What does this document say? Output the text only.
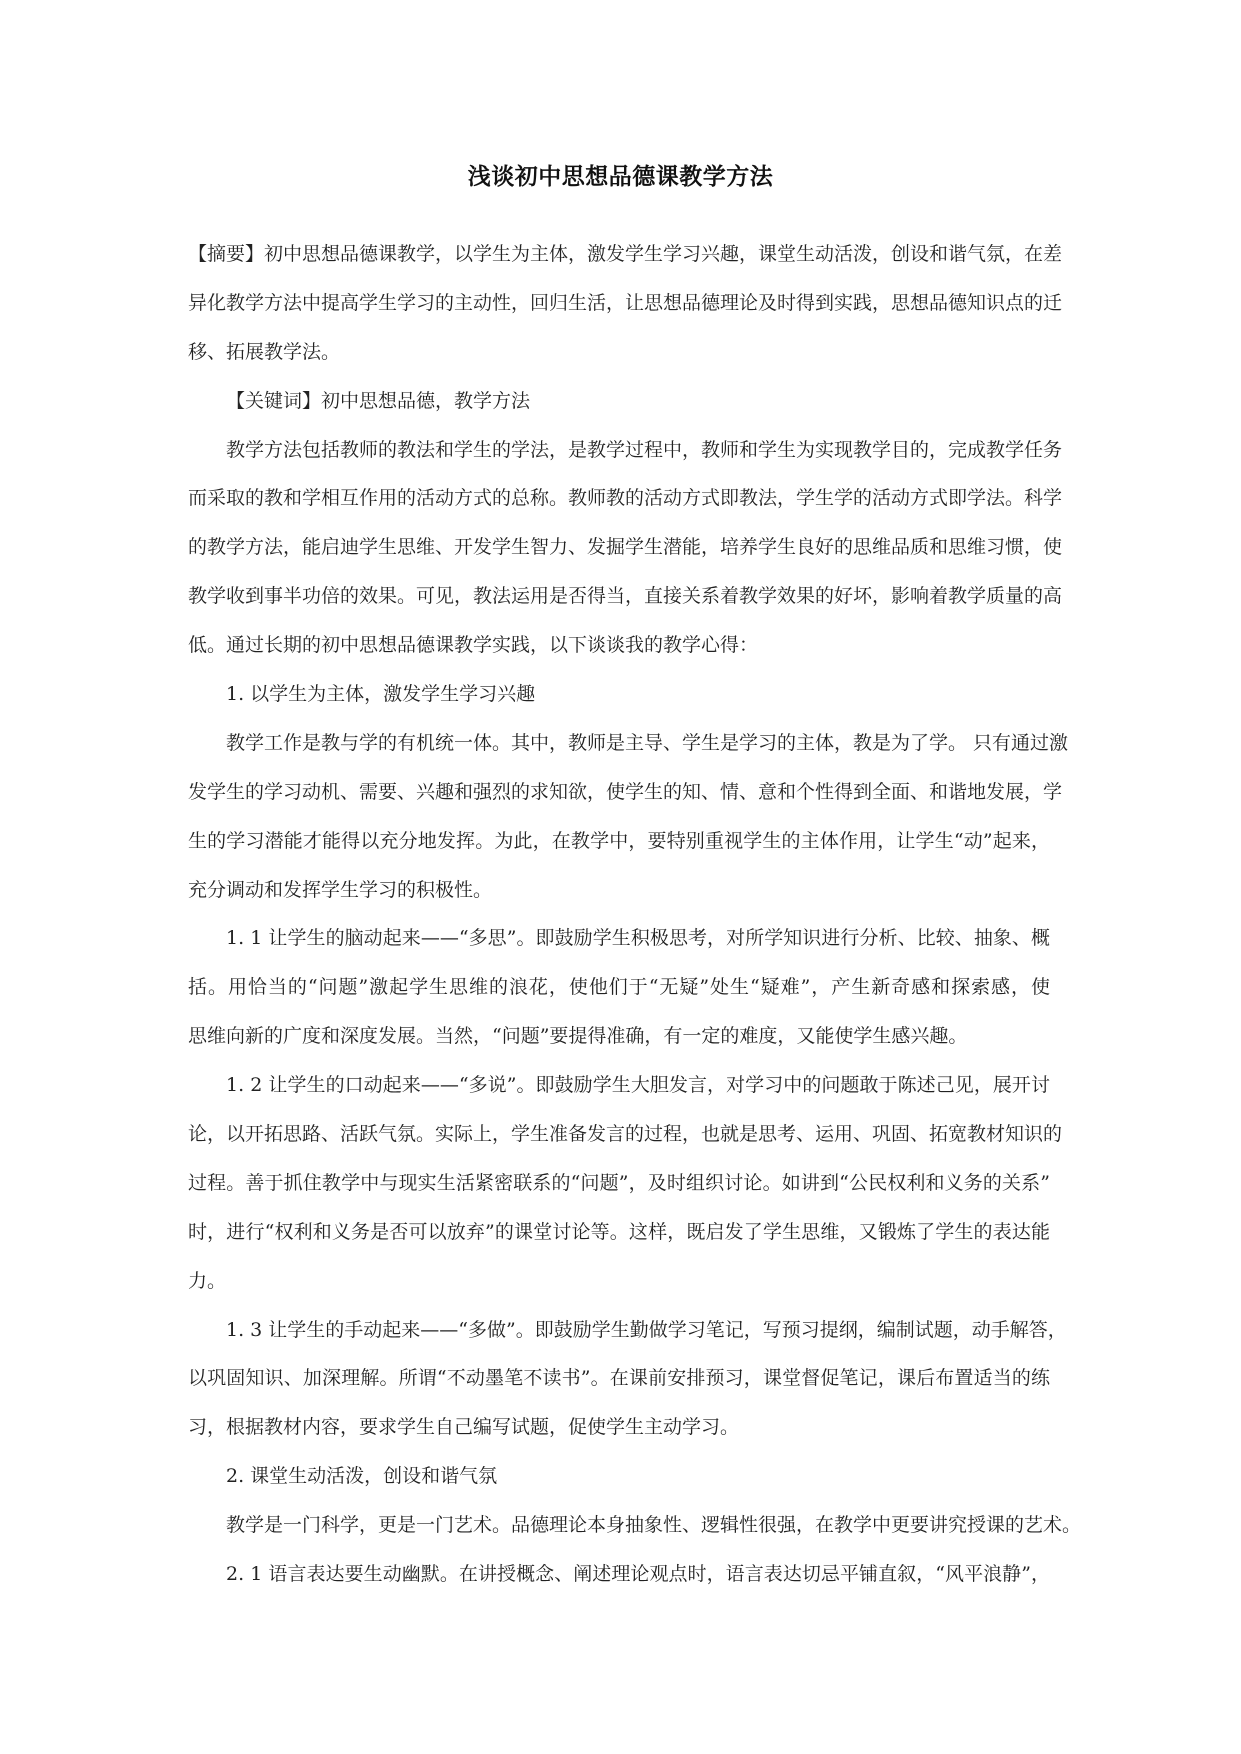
浅谈初中思想品德课教学方法
【摘要】初中思想品德课教学，以学生为主体，激发学生学习兴趣，课堂生动活泼，创设和谐气氛，在差
异化教学方法中提高学生学习的主动性，回归生活，让思想品德理论及时得到实践，思想品德知识点的迁
移、拓展教学法。
【关键词】初中思想品德，教学方法
教学方法包括教师的教法和学生的学法，是教学过程中，教师和学生为实现教学目的，完成教学任务
而采取的教和学相互作用的活动方式的总称。教师教的活动方式即教法，学生学的活动方式即学法。科学
的教学方法，能启迪学生思维、开发学生智力、发掘学生潜能，培养学生良好的思维品质和思维习惯，使
教学收到事半功倍的效果。可见，教法运用是否得当，直接关系着教学效果的好坏，影响着教学质量的高
低。通过长期的初中思想品德课教学实践，以下谈谈我的教学心得：
1. 以学生为主体，激发学生学习兴趣
教学工作是教与学的有机统一体。其中，教师是主导、学生是学习的主体，教是为了学。 只有通过激
发学生的学习动机、需要、兴趣和强烈的求知欲，使学生的知、情、意和个性得到全面、和谐地发展，学
生的学习潜能才能得以充分地发挥。为此，在教学中，要特别重视学生的主体作用，让学生“动”起来，
充分调动和发挥学生学习的积极性。
1. 1 让学生的脑动起来——“多思”。即鼓励学生积极思考，对所学知识进行分析、比较、抽象、概
括。用恰当的“问题”激起学生思维的浪花，使他们于“无疑”处生“疑难”，产生新奇感和探索感，使
思维向新的广度和深度发展。当然，“问题”要提得准确，有一定的难度，又能使学生感兴趣。
1. 2 让学生的口动起来——“多说”。即鼓励学生大胆发言，对学习中的问题敢于陈述己见，展开讨
论，以开拓思路、活跃气氛。实际上，学生准备发言的过程，也就是思考、运用、巩固、拓宽教材知识的
过程。善于抓住教学中与现实生活紧密联系的“问题”，及时组织讨论。如讲到“公民权利和义务的关系”
时，进行“权利和义务是否可以放弃”的课堂讨论等。这样，既启发了学生思维，又锻炼了学生的表达能
力。
1. 3 让学生的手动起来——“多做”。即鼓励学生勤做学习笔记，写预习提纲，编制试题，动手解答，
以巩固知识、加深理解。所谓“不动墨笔不读书”。在课前安排预习，课堂督促笔记，课后布置适当的练
习，根据教材内容，要求学生自己编写试题，促使学生主动学习。
2. 课堂生动活泼，创设和谐气氛
教学是一门科学，更是一门艺术。品德理论本身抽象性、逻辑性很强，在教学中更要讲究授课的艺术。
2. 1 语言表达要生动幽默。在讲授概念、阐述理论观点时，语言表达切忌平铺直叙，“风平浪静”，
